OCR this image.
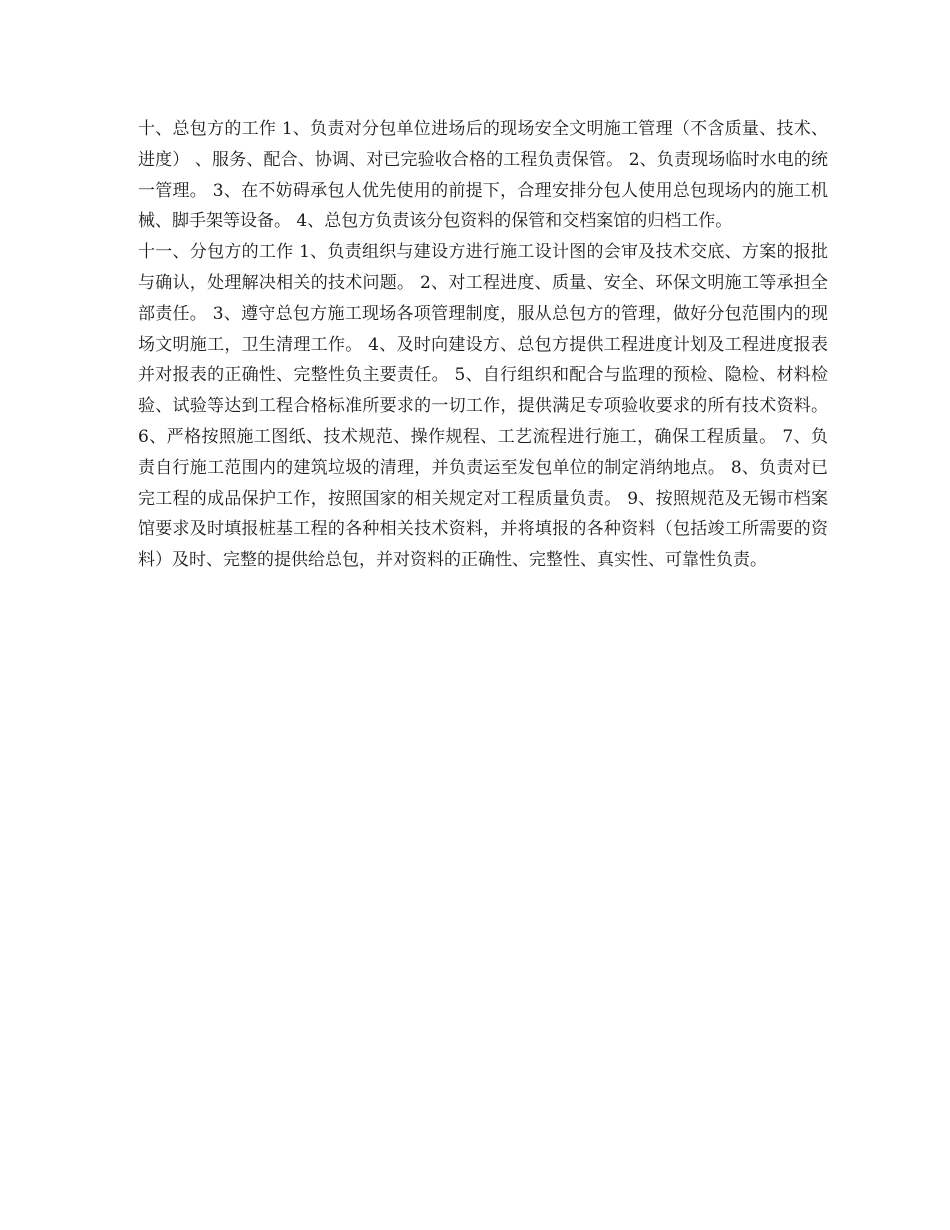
十、总包方的工作 1、负责对分包单位进场后的现场安全文明施工管理（不含质量、技术、进度） 、服务、配合、协调、对已完验收合格的工程负责保管。 2、负责现场临时水电的统一管理。 3、在不妨碍承包人优先使用的前提下，合理安排分包人使用总包现场内的施工机械、脚手架等设备。 4、总包方负责该分包资料的保管和交档案馆的归档工作。

十一、分包方的工作 1、负责组织与建设方进行施工设计图的会审及技术交底、方案的报批与确认，处理解决相关的技术问题。 2、对工程进度、质量、安全、环保文明施工等承担全部责任。 3、遵守总包方施工现场各项管理制度，服从总包方的管理，做好分包范围内的现场文明施工，卫生清理工作。 4、及时向建设方、总包方提供工程进度计划及工程进度报表并对报表的正确性、完整性负主要责任。 5、自行组织和配合与监理的预检、隐检、材料检验、试验等达到工程合格标准所要求的一切工作，提供满足专项验收要求的所有技术资料。 6、严格按照施工图纸、技术规范、操作规程、工艺流程进行施工，确保工程质量。 7、负责自行施工范围内的建筑垃圾的清理，并负责运至发包单位的制定消纳地点。 8、负责对已完工程的成品保护工作，按照国家的相关规定对工程质量负责。 9、按照规范及无锡市档案馆要求及时填报桩基工程的各种相关技术资料，并将填报的各种资料（包括竣工所需要的资料）及时、完整的提供给总包，并对资料的正确性、完整性、真实性、可靠性负责。
